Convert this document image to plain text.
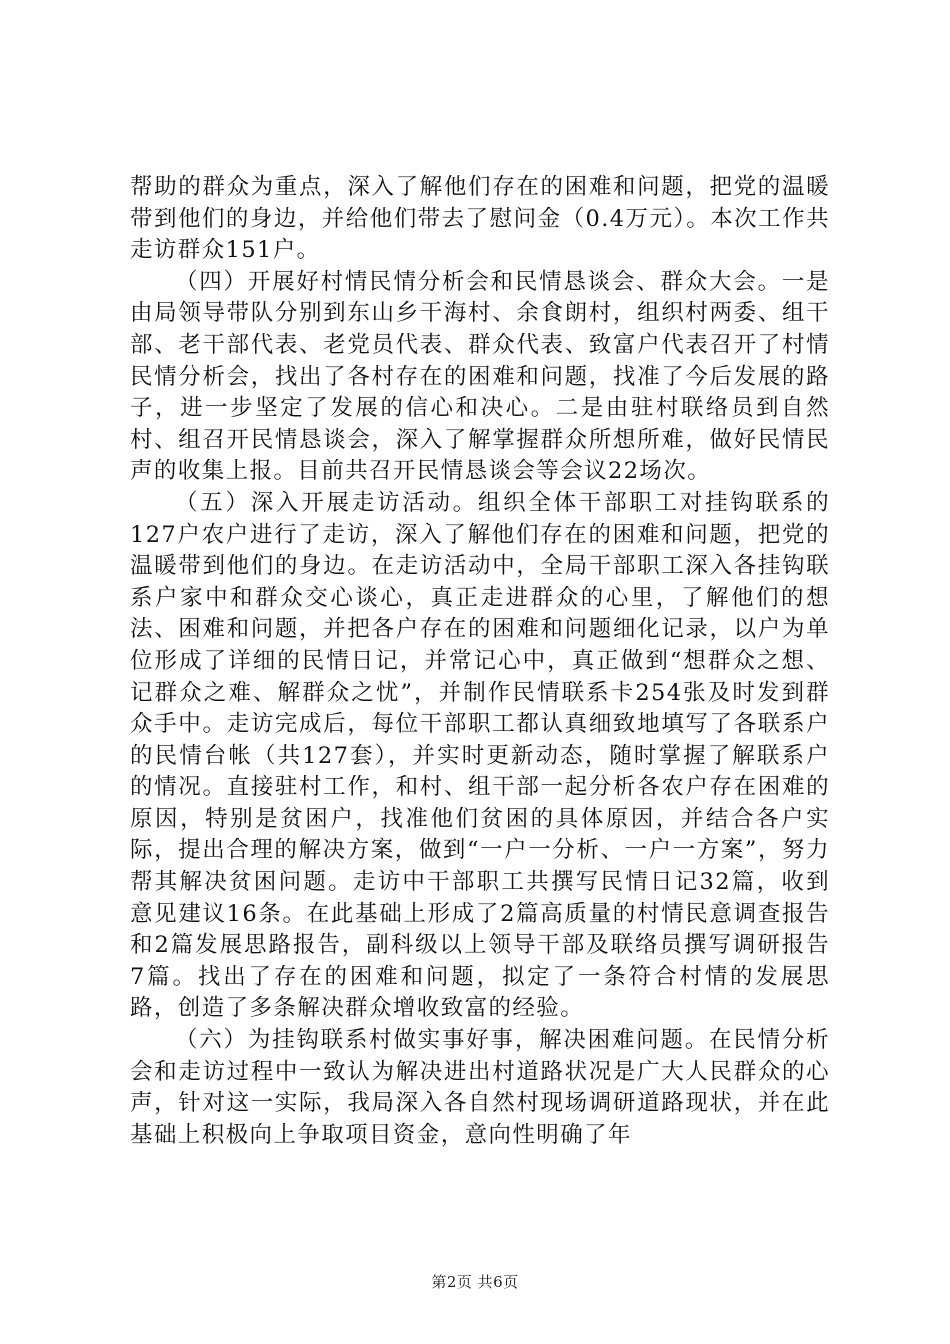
帮助的群众为重点，深入了解他们存在的困难和问题，把党的温暖带到他们的身边，并给他们带去了慰问金（0.4万元）。本次工作共走访群众151户。

（四）开展好村情民情分析会和民情恳谈会、群众大会。一是由局领导带队分别到东山乡干海村、余食朗村，组织村两委、组干部、老干部代表、老党员代表、群众代表、致富户代表召开了村情民情分析会，找出了各村存在的困难和问题，找准了今后发展的路子，进一步坚定了发展的信心和决心。二是由驻村联络员到自然村、组召开民情恳谈会，深入了解掌握群众所想所难，做好民情民声的收集上报。目前共召开民情恳谈会等会议22场次。

（五）深入开展走访活动。组织全体干部职工对挂钩联系的127户农户进行了走访，深入了解他们存在的困难和问题，把党的温暖带到他们的身边。在走访活动中，全局干部职工深入各挂钩联系户家中和群众交心谈心，真正走进群众的心里，了解他们的想法、困难和问题，并把各户存在的困难和问题细化记录，以户为单位形成了详细的民情日记，并常记心中，真正做到“想群众之想、记群众之难、解群众之忧”，并制作民情联系卡254张及时发到群众手中。走访完成后，每位干部职工都认真细致地填写了各联系户的民情台帐（共127套），并实时更新动态，随时掌握了解联系户的情况。直接驻村工作，和村、组干部一起分析各农户存在困难的原因，特别是贫困户，找准他们贫困的具体原因，并结合各户实际，提出合理的解决方案，做到“一户一分析、一户一方案”，努力帮其解决贫困问题。走访中干部职工共撰写民情日记32篇，收到意见建议16条。在此基础上形成了2篇高质量的村情民意调查报告和2篇发展思路报告，副科级以上领导干部及联络员撰写调研报告7篇。找出了存在的困难和问题，拟定了一条符合村情的发展思路，创造了多条解决群众增收致富的经验。

（六）为挂钩联系村做实事好事，解决困难问题。在民情分析会和走访过程中一致认为解决进出村道路状况是广大人民群众的心声，针对这一实际，我局深入各自然村现场调研道路现状，并在此基础上积极向上争取项目资金，意向性明确了年

第2页 共6页
